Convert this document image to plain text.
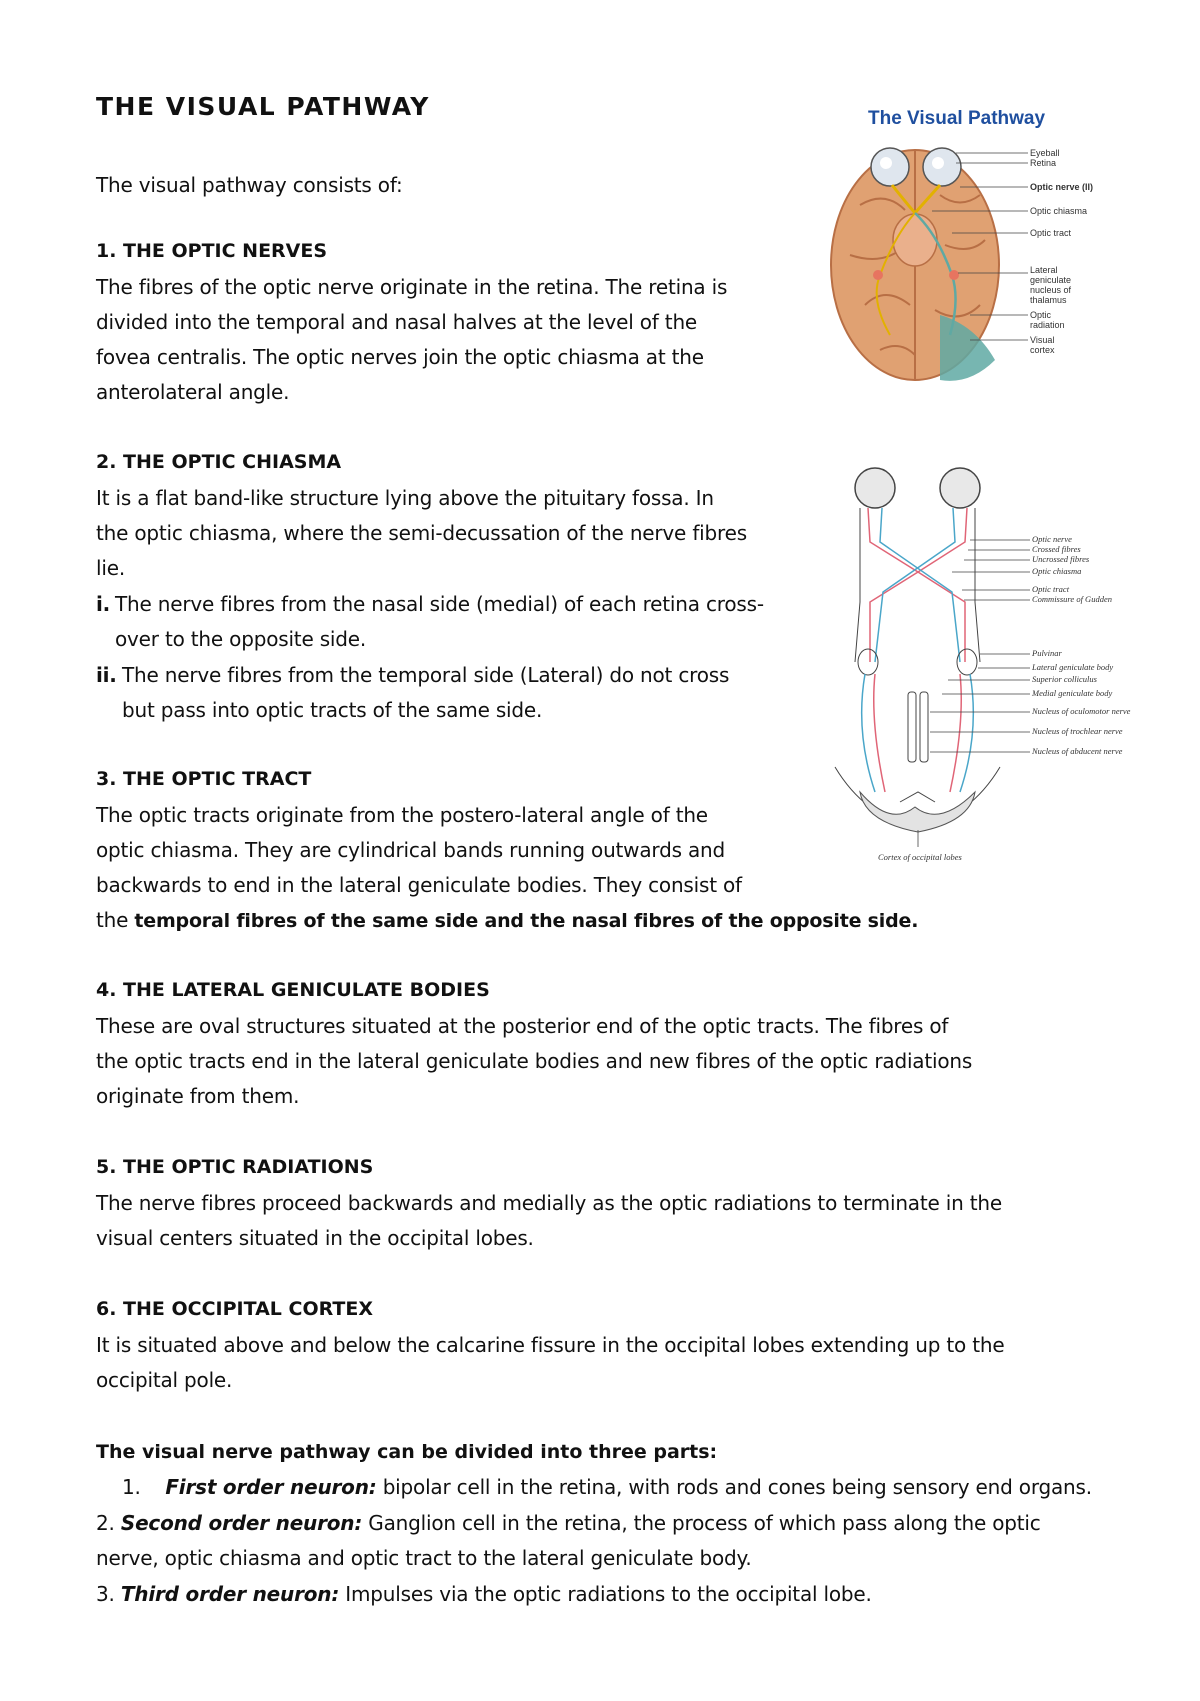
THE VISUAL PATHWAY

The visual pathway consists of:

1. THE OPTIC NERVES

The fibres of the optic nerve originate in the retina. The retina is

divided into the temporal and nasal halves at the level of the

fovea centralis. The optic nerves join the optic chiasma at the

anterolateral angle.

2. THE OPTIC CHIASMA

It is a flat band-like structure lying above the pituitary fossa. In

the optic chiasma, where the semi-decussation of the nerve fibres

lie.

i. The nerve fibres from the nasal side (medial) of each retina cross-

over to the opposite side.

ii. The nerve fibres from the temporal side (Lateral) do not cross

but pass into optic tracts of the same side.

3. THE OPTIC TRACT

The optic tracts originate from the postero-lateral angle of the

optic chiasma. They are cylindrical bands running outwards and

backwards to end in the lateral geniculate bodies. They consist of

the temporal fibres of the same side and the nasal fibres of the opposite side.

4. THE LATERAL GENICULATE BODIES

These are oval structures situated at the posterior end of the optic tracts. The fibres of

the optic tracts end in the lateral geniculate bodies and new fibres of the optic radiations

originate from them.

5. THE OPTIC RADIATIONS

The nerve fibres proceed backwards and medially as the optic radiations to terminate in the

visual centers situated in the occipital lobes.

6. THE OCCIPITAL CORTEX

It is situated above and below the calcarine fissure in the occipital lobes extending up to the

occipital pole.

The visual nerve pathway can be divided into three parts:

1. First order neuron: bipolar cell in the retina, with rods and cones being sensory end organs.

2. Second order neuron: Ganglion cell in the retina, the process of which pass along the optic

nerve, optic chiasma and optic tract to the lateral geniculate body.

3. Third order neuron: Impulses via the optic radiations to the occipital lobe.

The Visual Pathway

Eyeball

Retina

Optic nerve (II)

Optic chiasma

Optic tract

Lateral

geniculate

nucleus of

thalamus

Optic

radiation

Visual

cortex

Optic nerve

Crossed fibres

Uncrossed fibres

Optic chiasma

Optic tract

Commissure of Gudden

Pulvinar

Lateral geniculate body

Superior colliculus

Medial geniculate body

Nucleus of oculomotor nerve

Nucleus of trochlear nerve

Nucleus of abducent nerve

Cortex of occipital lobes
